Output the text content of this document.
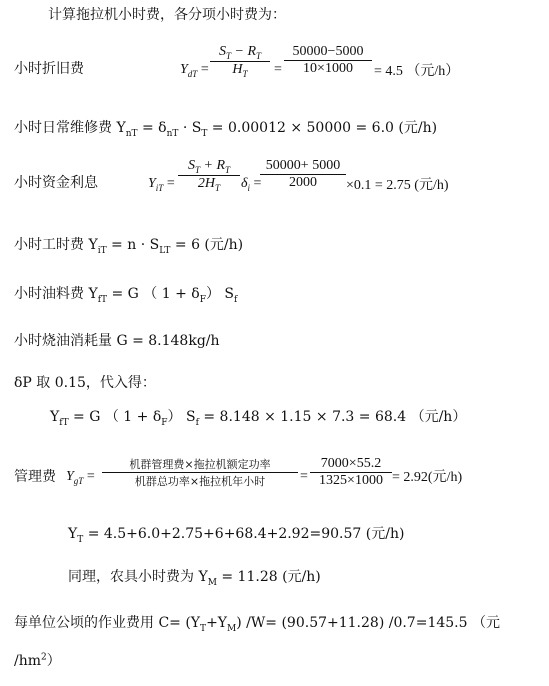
计算拖拉机小时费，各分项小时费为：
小时折旧费	$Y_{dT} = \frac{S_T - R_T}{H_T} = \frac{50000-5000}{10\times 1000} = 4.5$ （元/h）
小时日常维修费 $Y_{nT} = \delta_{nT} \cdot S_T = 0.00012 \times 50000 = 6.0$ (元/h)
小时资金利息	$Y_{iT} = \frac{S_T + R_T}{2H_T} \delta_i$ =
$\frac{50000+ 5000}{2000} \times 0.1 = 2.75$ (元/h)
小时工时费 $Y_{iT} = n \cdot S_{LT} = 6$ (元/h)
小时油料费 $Y_{fT} = G$ （ $1 + \delta_F$） $S_f$
小时烧油消耗量 G = 8.148kg/h
δP 取 0.15，代入得：
$Y_{fT} = G$ （ $1 + \delta_F$） $S_f = 8.148 \times 1.15 \times 7.3 = 68.4$ （元/h）
管理费 $Y_{gT}$ =
机群管理费×拖拉机额定功率
机群总功率×拖拉机年小时	= $\frac{7000\times 55.2}{1325\times 1000} = 2.92$(元/h)
$Y_T = 4.5+6.0+2.75+6+68.4+2.92=90.57$ (元/h)
同理，农具小时费为 $Y_M = 11.28$ (元/h)
每单位公顷的作业费用 $C= (Y_T+Y_M)$ /W= (90.57+11.28) /0.7=145.5 （元
$/hm^2$）
